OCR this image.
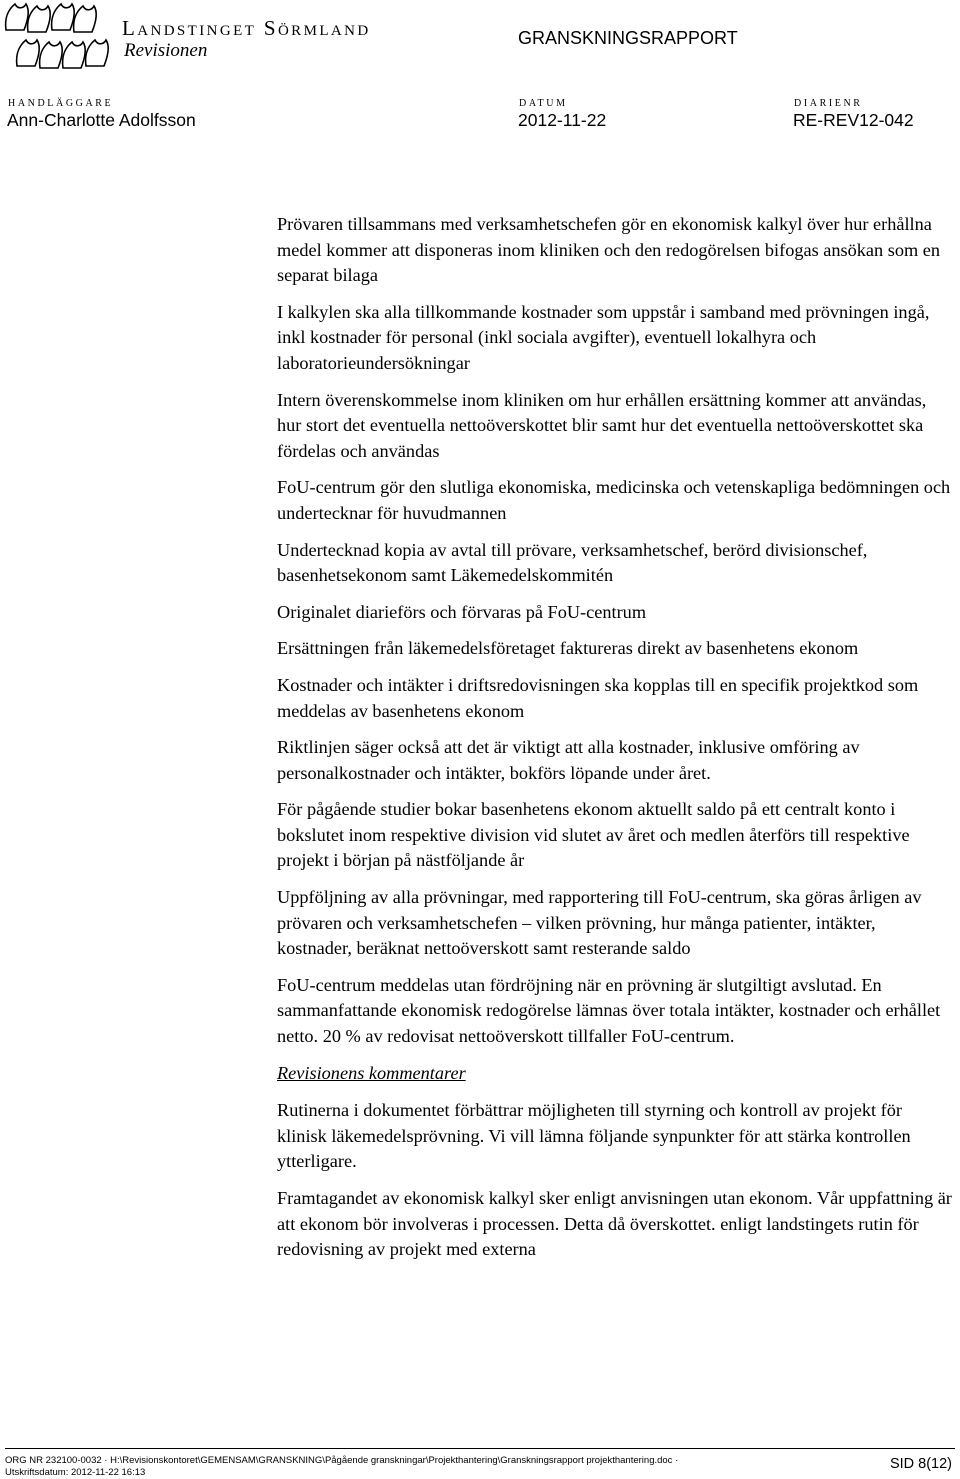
Landstinget Sörmland
Revisionen
GRANSKNINGSRAPPORT
HANDLÄGGARE
Ann-Charlotte Adolfsson
DATUM
2012-11-22
DIARIENR
RE-REV12-042

Prövaren tillsammans med verksamhetschefen gör en ekonomisk kalkyl över hur erhållna medel kommer att disponeras inom kliniken och den redogörelsen bifogas ansökan som en separat bilaga

I kalkylen ska alla tillkommande kostnader som uppstår i samband med prövningen ingå, inkl kostnader för personal (inkl sociala avgifter), eventuell lokalhyra och laboratorieundersökningar

Intern överenskommelse inom kliniken om hur erhållen ersättning kommer att användas, hur stort det eventuella nettoöverskottet blir samt hur det eventuella nettoöverskottet ska fördelas och användas

FoU-centrum gör den slutliga ekonomiska, medicinska och vetenskapliga bedömningen och undertecknar för huvudmannen

Undertecknad kopia av avtal till prövare, verksamhetschef, berörd divisionschef, basenhetsekonom samt Läkemedelskommitén

Originalet diarieförs och förvaras på FoU-centrum

Ersättningen från läkemedelsföretaget faktureras direkt av basenhetens ekonom

Kostnader och intäkter i driftsredovisningen ska kopplas till en specifik projektkod som meddelas av basenhetens ekonom

Riktlinjen säger också att det är viktigt att alla kostnader, inklusive omföring av personalkostnader och intäkter, bokförs löpande under året.

För pågående studier bokar basenhetens ekonom aktuellt saldo på ett centralt konto i bokslutet inom respektive division vid slutet av året och medlen återförs till respektive projekt i början på nästföljande år

Uppföljning av alla prövningar, med rapportering till FoU-centrum, ska göras årligen av prövaren och verksamhetschefen – vilken prövning, hur många patienter, intäkter, kostnader, beräknat nettoöverskott samt resterande saldo

FoU-centrum meddelas utan fördröjning när en prövning är slutgiltigt avslutad. En sammanfattande ekonomisk redogörelse lämnas över totala intäkter, kostnader och erhållet netto. 20 % av redovisat nettoöverskott tillfaller FoU-centrum.

Revisionens kommentarer

Rutinerna i dokumentet förbättrar möjligheten till styrning och kontroll av projekt för klinisk läkemedelsprövning. Vi vill lämna följande synpunkter för att stärka kontrollen ytterligare.

Framtagandet av ekonomisk kalkyl sker enligt anvisningen utan ekonom. Vår uppfattning är att ekonom bör involveras i processen. Detta då överskottet. enligt landstingets rutin för redovisning av projekt med externa

ORG NR 232100-0032 · H:\Revisionskontoret\GEMENSAM\GRANSKNING\Pågående granskningar\Projekthantering\Granskningsrapport projekthantering.doc ·
Utskriftsdatum: 2012-11-22 16:13
SID 8(12)
